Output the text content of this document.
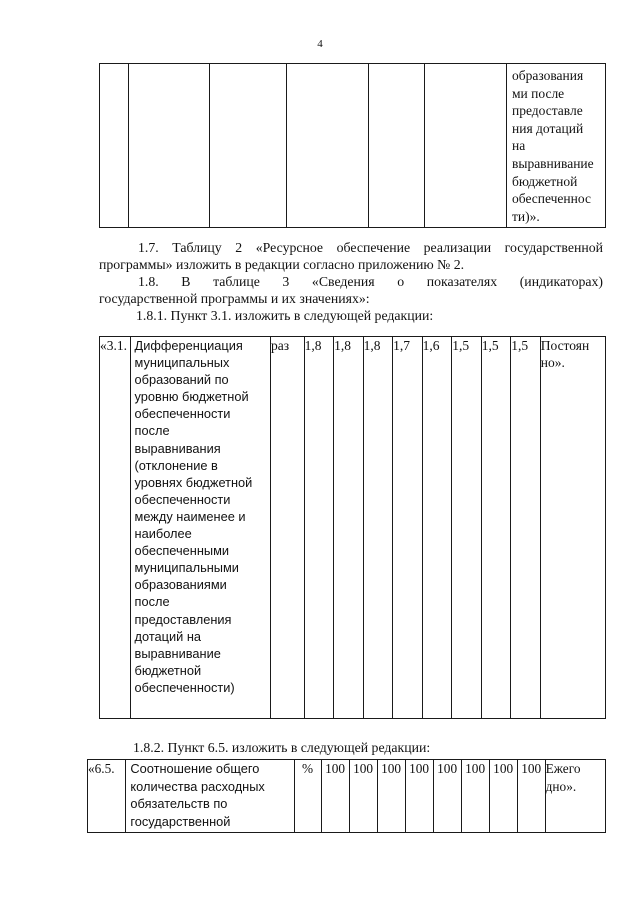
4

образования
ми после
предоставле
ния дотаций
на
выравнивание
бюджетной
обеспеченнос
ти)».

1.7. Таблицу 2 «Ресурсное обеспечение реализации государственной

программы» изложить в редакции согласно приложению № 2.

1.8. В таблице 3 «Сведения о показателях (индикаторах)

государственной программы и их значениях»:

1.8.1. Пункт 3.1. изложить в следующей редакции:

«3.1.	Дифференциация
муниципальных
образований по
уровню бюджетной
обеспеченности
после
выравнивания
(отклонение в
уровнях бюджетной
обеспеченности
между наименее и
наиболее
обеспеченными
муниципальными
образованиями
после
предоставления
дотаций на
выравнивание
бюджетной
обеспеченности)
	раз	1,8	1,8	1,8	1,7	1,6	1,5	1,5	1,5	Постоян
но».

1.8.2. Пункт 6.5. изложить в следующей редакции:

«6.5.	Соотношение общего
количества расходных
обязательств по
государственной
	%	100	100	100	100	100	100	100	100	Ежего
дно».
